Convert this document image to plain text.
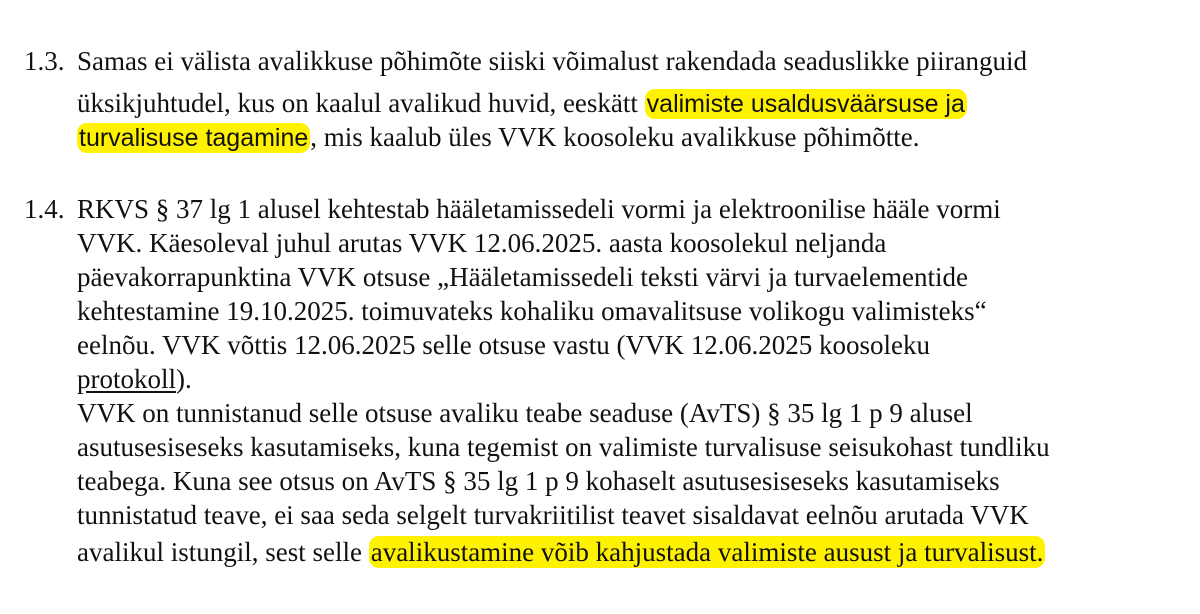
1.3. Samas ei välista avalikkuse põhimõte siiski võimalust rakendada seaduslikke piiranguid
üksikjuhtudel, kus on kaalul avalikud huvid, eeskätt valimiste usaldusväärsuse ja
turvalisuse tagamine, mis kaalub üles VVK koosoleku avalikkuse põhimõtte.
1.4. RKVS § 37 lg 1 alusel kehtestab hääletamissedeli vormi ja elektroonilise hääle vormi
VVK. Käesoleval juhul arutas VVK 12.06.2025. aasta koosolekul neljanda
päevakorrapunktina VVK otsuse „Hääletamissedeli teksti värvi ja turvaelementide
kehtestamine 19.10.2025. toimuvateks kohaliku omavalitsuse volikogu valimisteks“
eelnõu. VVK võttis 12.06.2025 selle otsuse vastu (VVK 12.06.2025 koosoleku
protokoll).
VVK on tunnistanud selle otsuse avaliku teabe seaduse (AvTS) § 35 lg 1 p 9 alusel
asutusesiseseks kasutamiseks, kuna tegemist on valimiste turvalisuse seisukohast tundliku
teabega. Kuna see otsus on AvTS § 35 lg 1 p 9 kohaselt asutusesiseseks kasutamiseks
tunnistatud teave, ei saa seda selgelt turvakriitilist teavet sisaldavat eelnõu arutada VVK
avalikul istungil, sest selle avalikustamine võib kahjustada valimiste ausust ja turvalisust.
